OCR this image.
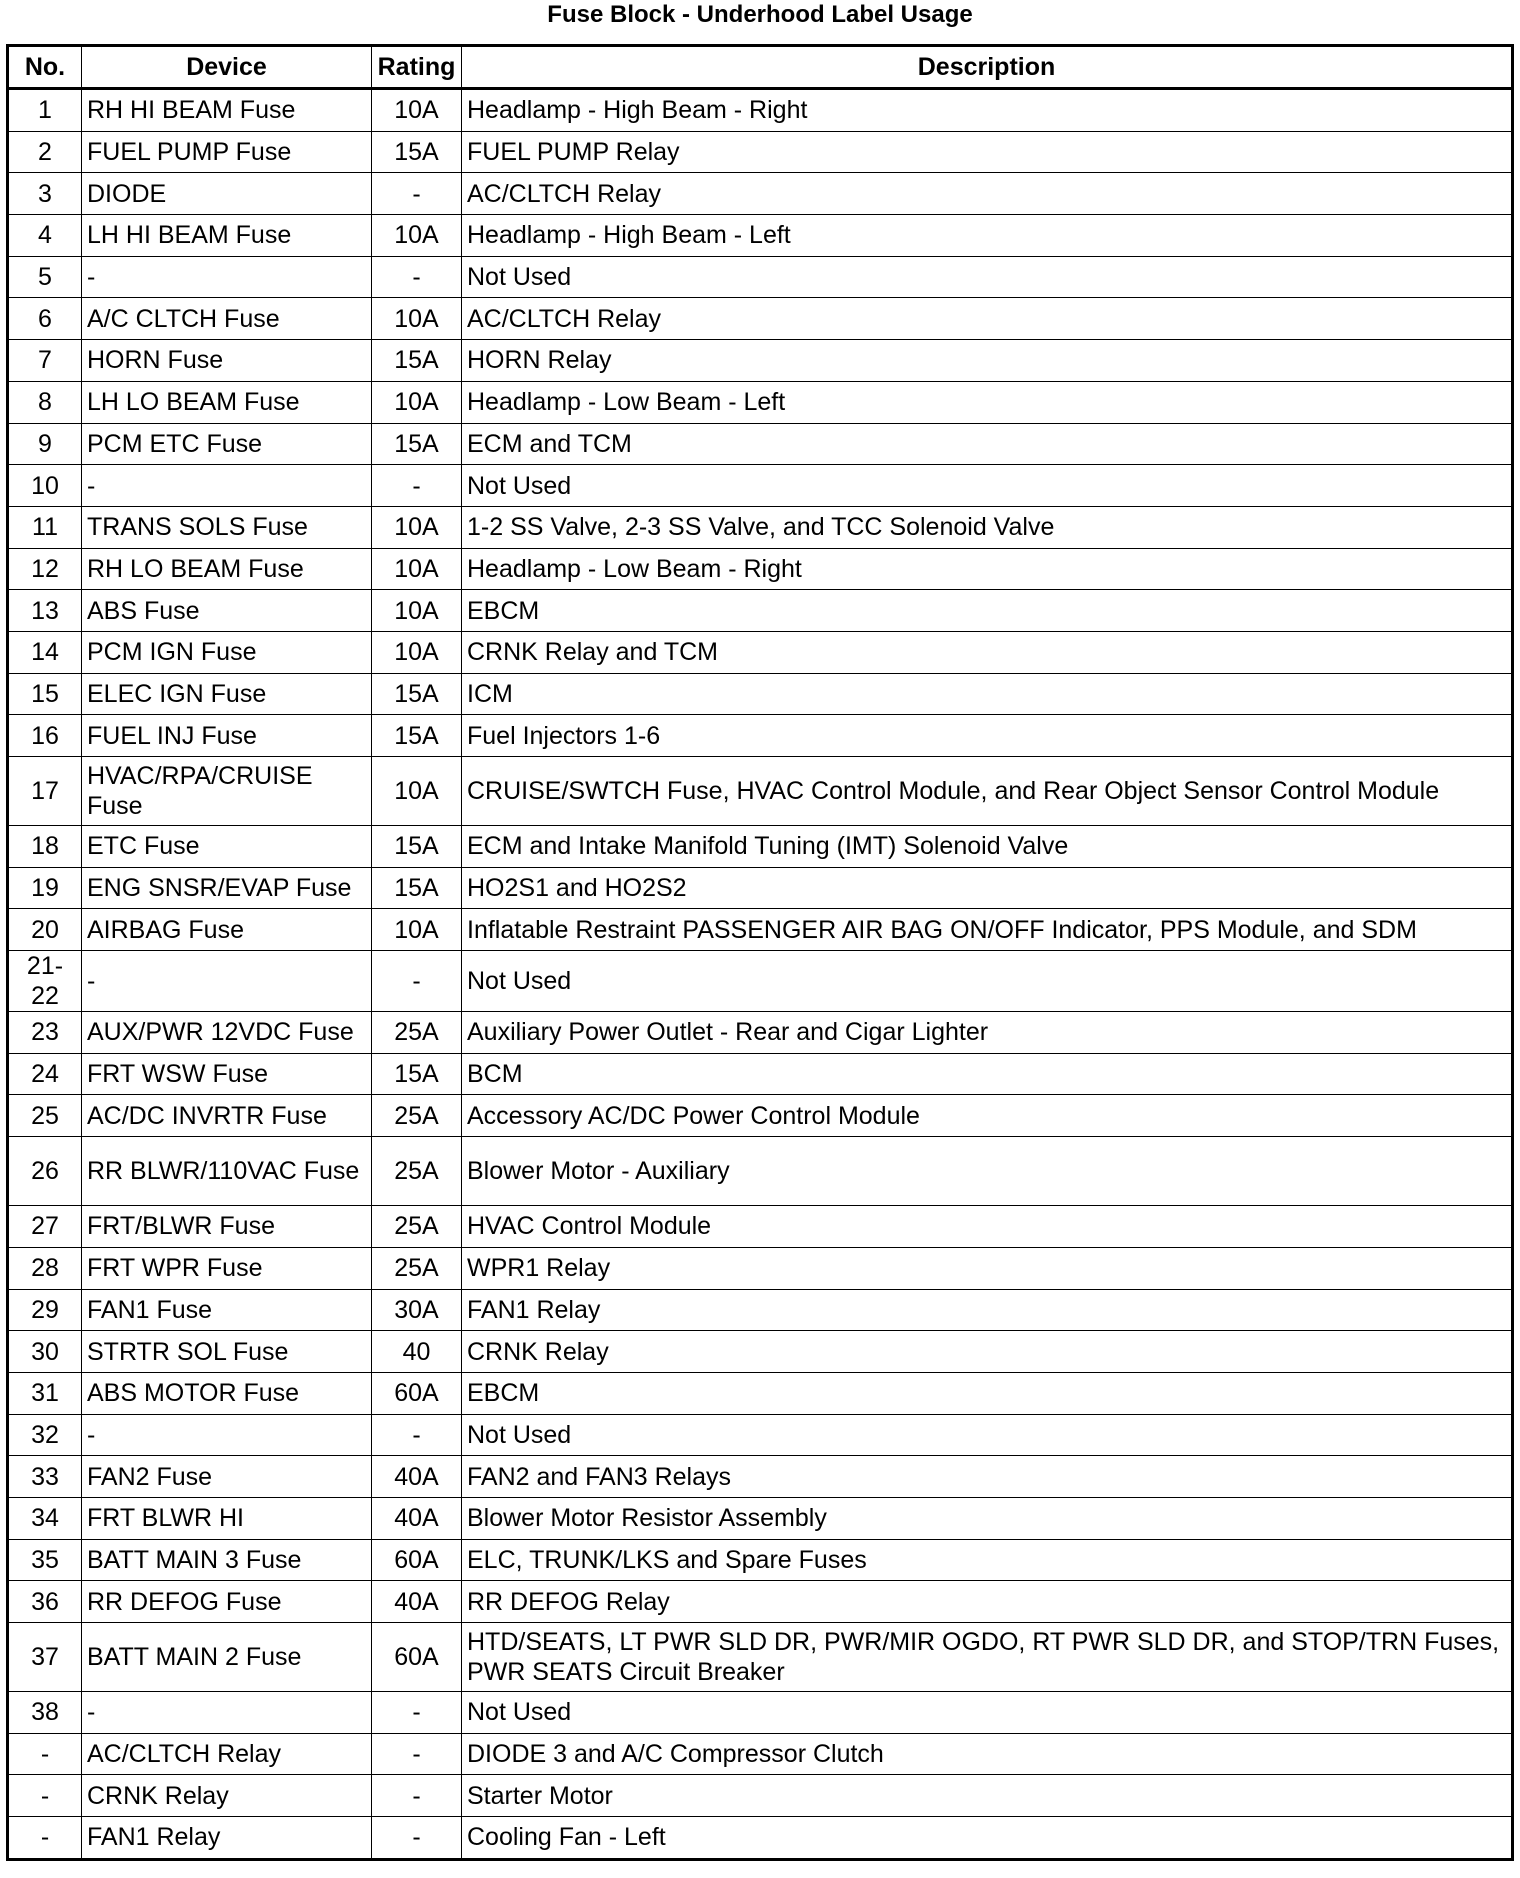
Fuse Block - Underhood Label Usage
No.	Device	Rating	Description
1	RH HI BEAM Fuse	10A	Headlamp - High Beam - Right
2	FUEL PUMP Fuse	15A	FUEL PUMP Relay
3	DIODE	-	AC/CLTCH Relay
4	LH HI BEAM Fuse	10A	Headlamp - High Beam - Left
5	-	-	Not Used
6	A/C CLTCH Fuse	10A	AC/CLTCH Relay
7	HORN Fuse	15A	HORN Relay
8	LH LO BEAM Fuse	10A	Headlamp - Low Beam - Left
9	PCM ETC Fuse	15A	ECM and TCM
10	-	-	Not Used
11	TRANS SOLS Fuse	10A	1-2 SS Valve, 2-3 SS Valve, and TCC Solenoid Valve
12	RH LO BEAM Fuse	10A	Headlamp - Low Beam - Right
13	ABS Fuse	10A	EBCM
14	PCM IGN Fuse	10A	CRNK Relay and TCM
15	ELEC IGN Fuse	15A	ICM
16	FUEL INJ Fuse	15A	Fuel Injectors 1-6
17	HVAC/RPA/CRUISE Fuse	10A	CRUISE/SWTCH Fuse, HVAC Control Module, and Rear Object Sensor Control Module
18	ETC Fuse	15A	ECM and Intake Manifold Tuning (IMT) Solenoid Valve
19	ENG SNSR/EVAP Fuse	15A	HO2S1 and HO2S2
20	AIRBAG Fuse	10A	Inflatable Restraint PASSENGER AIR BAG ON/OFF Indicator, PPS Module, and SDM
21-22	-	-	Not Used
23	AUX/PWR 12VDC Fuse	25A	Auxiliary Power Outlet - Rear and Cigar Lighter
24	FRT WSW Fuse	15A	BCM
25	AC/DC INVRTR Fuse	25A	Accessory AC/DC Power Control Module
26	RR BLWR/110VAC Fuse	25A	Blower Motor - Auxiliary
27	FRT/BLWR Fuse	25A	HVAC Control Module
28	FRT WPR Fuse	25A	WPR1 Relay
29	FAN1 Fuse	30A	FAN1 Relay
30	STRTR SOL Fuse	40	CRNK Relay
31	ABS MOTOR Fuse	60A	EBCM
32	-	-	Not Used
33	FAN2 Fuse	40A	FAN2 and FAN3 Relays
34	FRT BLWR HI	40A	Blower Motor Resistor Assembly
35	BATT MAIN 3 Fuse	60A	ELC, TRUNK/LKS and Spare Fuses
36	RR DEFOG Fuse	40A	RR DEFOG Relay
37	BATT MAIN 2 Fuse	60A	HTD/SEATS, LT PWR SLD DR, PWR/MIR OGDO, RT PWR SLD DR, and STOP/TRN Fuses, PWR SEATS Circuit Breaker
38	-	-	Not Used
-	AC/CLTCH Relay	-	DIODE 3 and A/C Compressor Clutch
-	CRNK Relay	-	Starter Motor
-	FAN1 Relay	-	Cooling Fan - Left
